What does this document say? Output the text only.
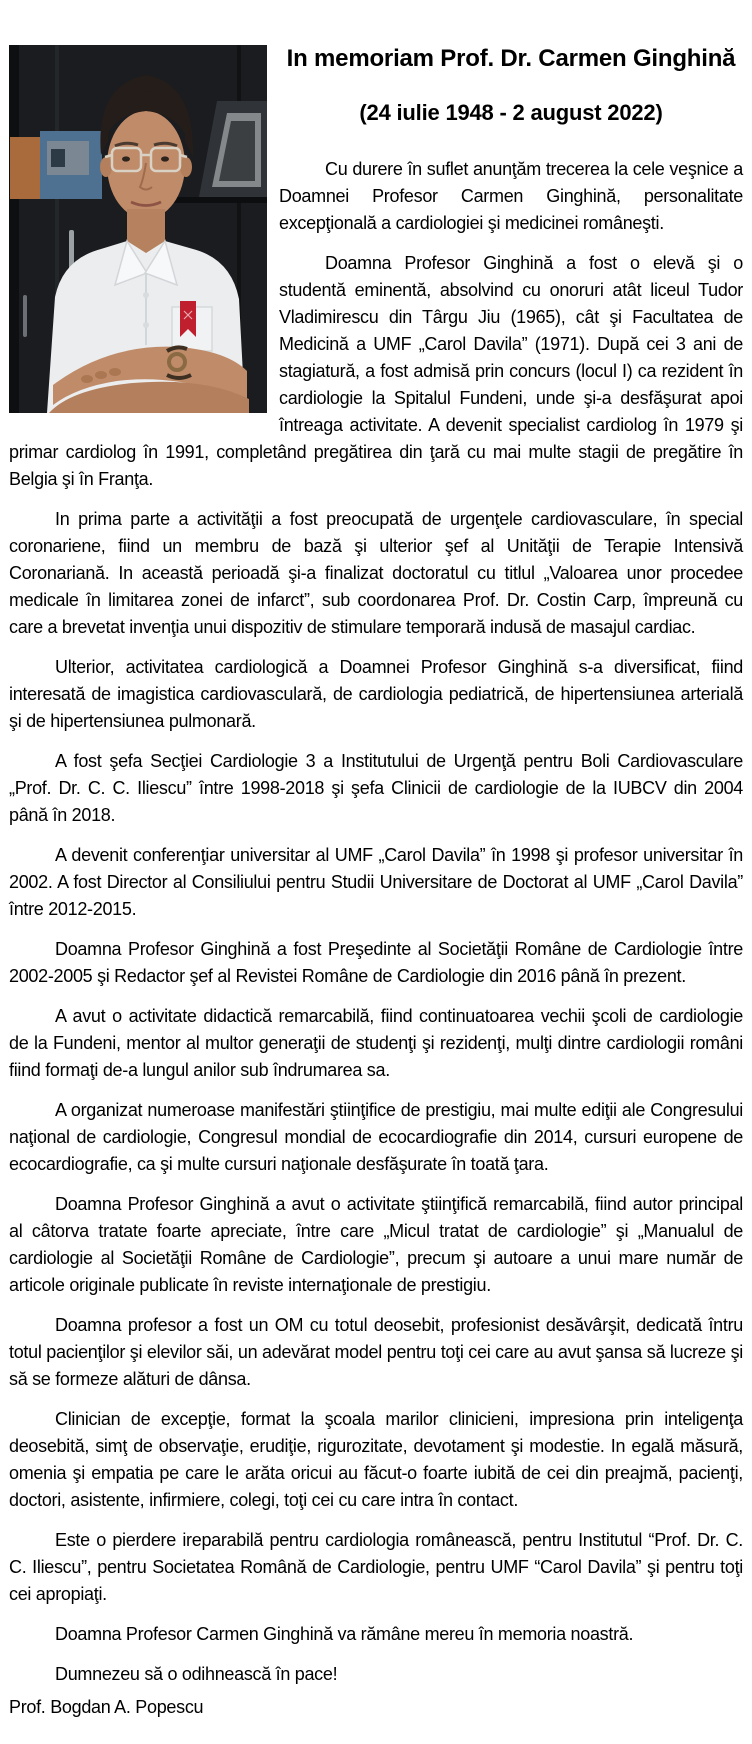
In memoriam Prof. Dr. Carmen Ginghină
(24 iulie 1948 - 2 august 2022)

Cu durere în suflet anunţăm trecerea la cele veşnice a Doamnei Profesor Carmen Ginghină, personalitate excepţională a cardiologiei şi medicinei româneşti.

Doamna Profesor Ginghină a fost o elevă şi o studentă eminentă, absolvind cu onoruri atât liceul Tudor Vladimirescu din Târgu Jiu (1965), cât şi Facultatea de Medicină a UMF „Carol Davila” (1971). După cei 3 ani de stagiatură, a fost admisă prin concurs (locul I) ca rezident în cardiologie la Spitalul Fundeni, unde şi-a desfăşurat apoi întreaga activitate. A devenit specialist cardiolog în 1979 şi primar cardiolog în 1991, completând pregătirea din ţară cu mai multe stagii de pregătire în Belgia şi în Franţa.

In prima parte a activităţii a fost preocupată de urgenţele cardiovasculare, în special coronariene, fiind un membru de bază şi ulterior şef al Unităţii de Terapie Intensivă Coronariană. In această perioadă şi-a finalizat doctoratul cu titlul „Valoarea unor procedee medicale în limitarea zonei de infarct”, sub coordonarea Prof. Dr. Costin Carp, împreună cu care a brevetat invenţia unui dispozitiv de stimulare temporară indusă de masajul cardiac.

Ulterior, activitatea cardiologică a Doamnei Profesor Ginghină s-a diversificat, fiind interesată de imagistica cardiovasculară, de cardiologia pediatrică, de hipertensiunea arterială şi de hipertensiunea pulmonară.

A fost şefa Secţiei Cardiologie 3 a Institutului de Urgenţă pentru Boli Cardiovasculare „Prof. Dr. C. C. Iliescu” între 1998-2018 şi şefa Clinicii de cardiologie de la IUBCV din 2004 până în 2018.

A devenit conferenţiar universitar al UMF „Carol Davila” în 1998 şi profesor universitar în 2002. A fost Director al Consiliului pentru Studii Universitare de Doctorat al UMF „Carol Davila” între 2012-2015.

Doamna Profesor Ginghină a fost Preşedinte al Societăţii Române de Cardiologie între 2002-2005 şi Redactor şef al Revistei Române de Cardiologie din 2016 până în prezent.

A avut o activitate didactică remarcabilă, fiind continuatoarea vechii şcoli de cardiologie de la Fundeni, mentor al multor generaţii de studenţi şi rezidenţi, mulţi dintre cardiologii români fiind formaţi de-a lungul anilor sub îndrumarea sa.

A organizat numeroase manifestări ştiinţifice de prestigiu, mai multe ediţii ale Congresului naţional de cardiologie, Congresul mondial de ecocardiografie din 2014, cursuri europene de ecocardiografie, ca şi multe cursuri naţionale desfăşurate în toată ţara.

Doamna Profesor Ginghină a avut o activitate ştiinţifică remarcabilă, fiind autor principal al câtorva tratate foarte apreciate, între care „Micul tratat de cardiologie” şi „Manualul de cardiologie al Societăţii Române de Cardiologie”, precum şi autoare a unui mare număr de articole originale publicate în reviste internaţionale de prestigiu.

Doamna profesor a fost un OM cu totul deosebit, profesionist desăvârşit, dedicată întru totul pacienţilor şi elevilor săi, un adevărat model pentru toţi cei care au avut şansa să lucreze şi să se formeze alături de dânsa.

Clinician de excepţie, format la şcoala marilor clinicieni, impresiona prin inteligenţa deosebită, simţ de observaţie, erudiţie, rigurozitate, devotament şi modestie. In egală măsură, omenia şi empatia pe care le arăta oricui au făcut-o foarte iubită de cei din preajmă, pacienţi, doctori, asistente, infirmiere, colegi, toţi cei cu care intra în contact.

Este o pierdere ireparabilă pentru cardiologia românească, pentru Institutul “Prof. Dr. C. C. Iliescu”, pentru Societatea Română de Cardiologie, pentru UMF “Carol Davila” şi pentru toţi cei apropiaţi.

Doamna Profesor Carmen Ginghină va rămâne mereu în memoria noastră.

Dumnezeu să o odihnească în pace!

Prof. Bogdan A. Popescu
